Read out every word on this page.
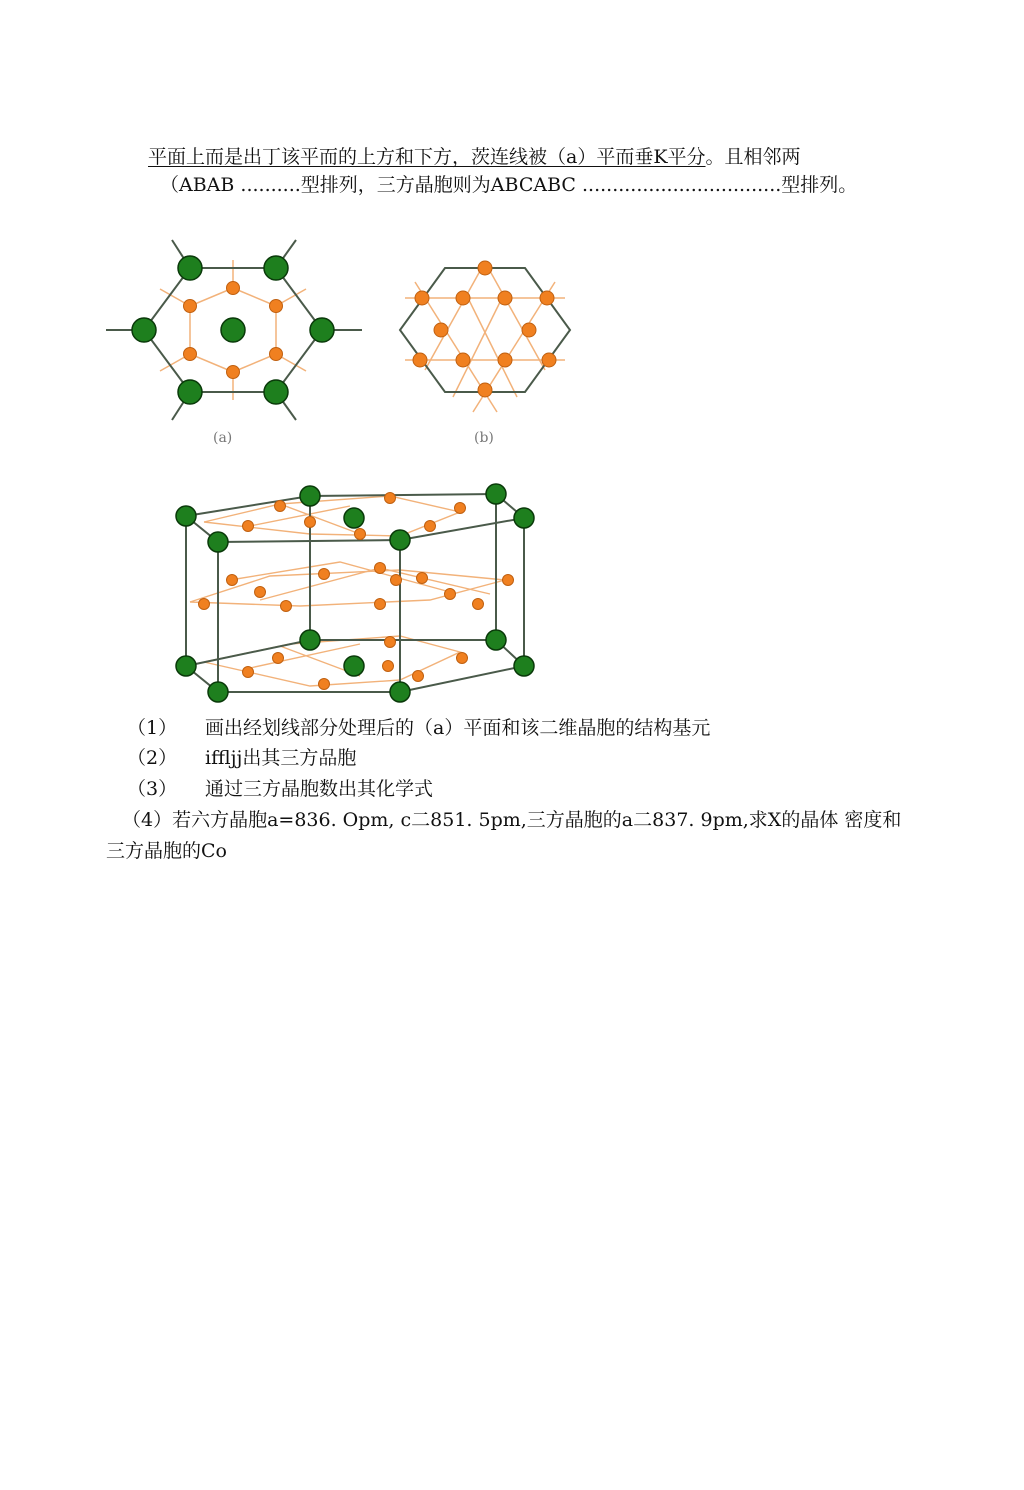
平面上而是出丁该平而的上方和下方，茨连线被（a）平而垂K平分。且相邻两
（ABAB ..........型排列，三方晶胞则为ABCABC .................................型排列。
(a)	(b)
（1） 画出经划线部分处理后的（a）平面和该二维晶胞的结构基元
（2） iffljj出其三方品胞
（3） 通过三方晶胞数出其化学式
（4）若六方晶胞a=836. Opm, c二851. 5pm,三方晶胞的a二837. 9pm,求X的晶体 密度和
三方晶胞的Co
